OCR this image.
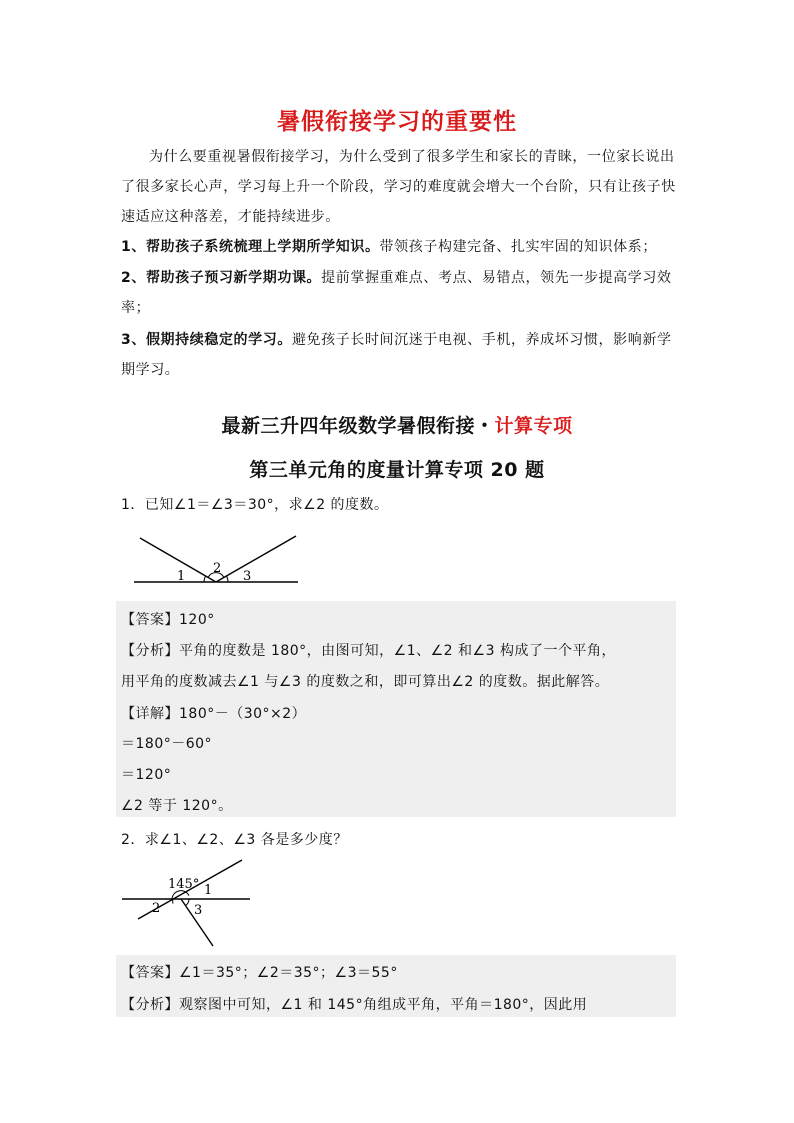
暑假衔接学习的重要性
为什么要重视暑假衔接学习，为什么受到了很多学生和家长的青睐，一位家长说出了很多家长心声，学习每上升一个阶段，学习的难度就会增大一个台阶，只有让孩子快速适应这种落差，才能持续进步。
1、帮助孩子系统梳理上学期所学知识。带领孩子构建完备、扎实牢固的知识体系；
2、帮助孩子预习新学期功课。提前掌握重难点、考点、易错点，领先一步提高学习效率；
3、假期持续稳定的学习。避免孩子长时间沉迷于电视、手机，养成坏习惯，影响新学期学习。
最新三升四年级数学暑假衔接・计算专项
第三单元角的度量计算专项 20 题
1．已知∠1＝∠3＝30°，求∠2 的度数。
1
2
3
【答案】120°
【分析】平角的度数是 180°，由图可知，∠1、∠2 和∠3 构成了一个平角，
用平角的度数减去∠1 与∠3 的度数之和，即可算出∠2 的度数。据此解答。
【详解】180°－（30°×2）
＝180°－60°
＝120°
∠2 等于 120°。
2．求∠1、∠2、∠3 各是多少度？
145° 1
2	3
【答案】∠1＝35°；∠2＝35°；∠3＝55°
【分析】观察图中可知，∠1 和 145°角组成平角，平角＝180°，因此用
